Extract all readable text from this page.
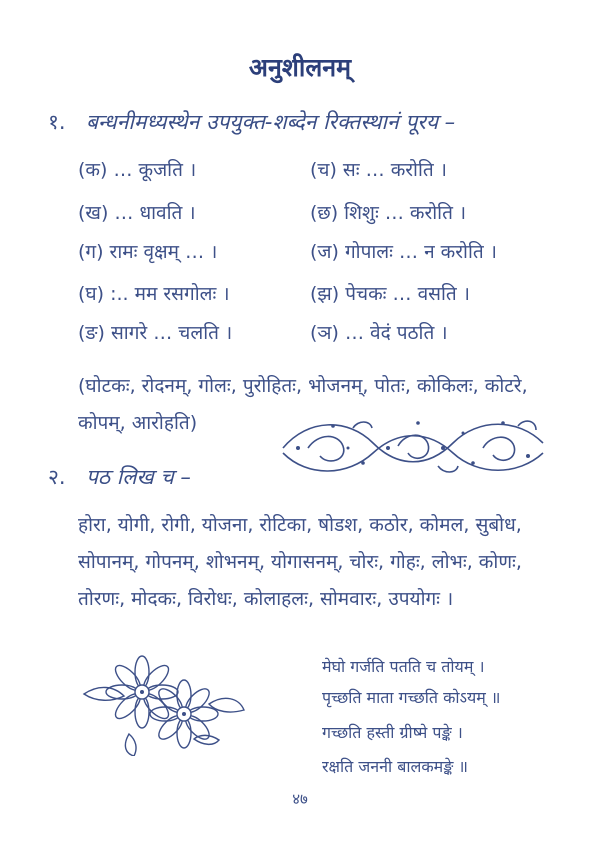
अनुशीलनम्
१. बन्धनीमध्यस्थेन उपयुक्त-शब्देन रिक्तस्थानं पूरय –
(क) … कूजति ।
(ख) … धावति ।
(ग) रामः वृक्षम् … ।
(घ) :.. मम रसगोलः ।
(ङ) सागरे … चलति ।
(च) सः … करोति ।
(छ) शिशुः … करोति ।
(ज) गोपालः … न करोति ।
(झ) पेचकः … वसति ।
(ञ) … वेदं पठति ।
(घोटकः, रोदनम्, गोलः, पुरोहितः, भोजनम्, पोतः, कोकिलः, कोटरे, कोपम्, आरोहति)
२. पठ लिख च –
होरा, योगी, रोगी, योजना, रोटिका, षोडश, कठोर, कोमल, सुबोध, सोपानम्, गोपनम्, शोभनम्, योगासनम्, चोरः, गोहः, लोभः, कोणः, तोरणः, मोदकः, विरोधः, कोलाहलः, सोमवारः, उपयोगः ।
मेघो गर्जति पतति च तोयम् ।
पृच्छति माता गच्छति कोऽयम् ॥
गच्छति हस्ती ग्रीष्मे पङ्के ।
रक्षति जननी बालकमङ्के ॥
४७
